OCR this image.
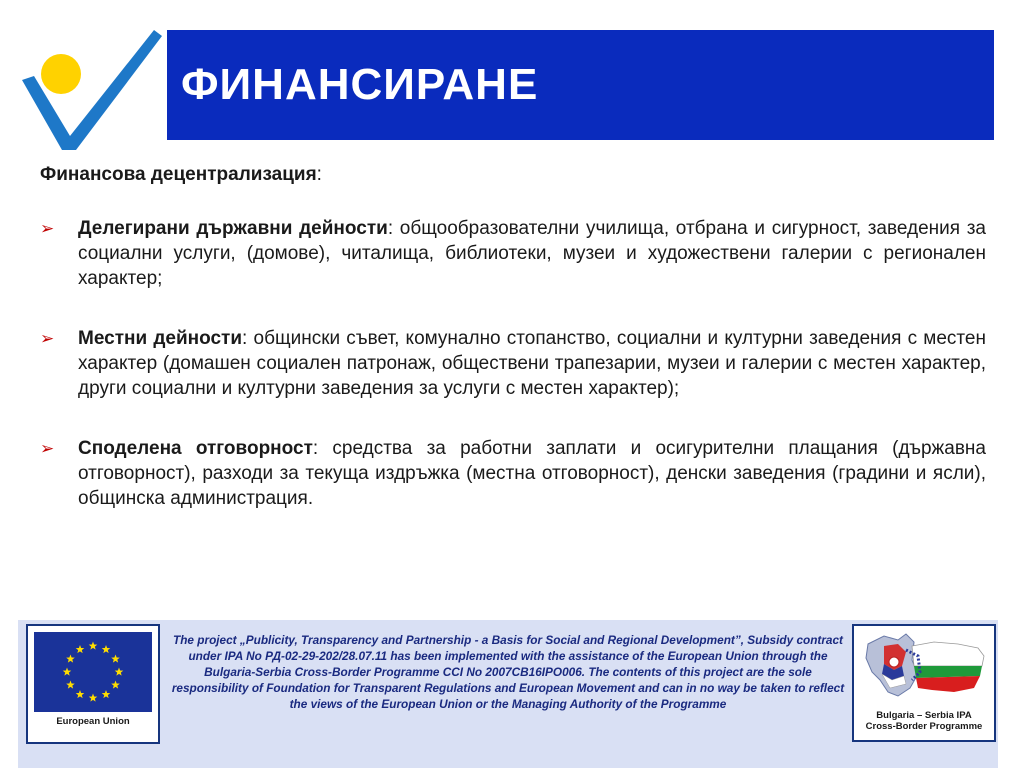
ФИНАНСИРАНЕ

Финансова децентрализация:

➢ Делегирани държавни дейности: общообразователни училища, отбрана и сигурност, заведения за социални услуги, (домове), читалища, библиотеки, музеи и художествени галерии с регионален характер;
➢ Местни дейности: общински съвет, комунално стопанство, социални и културни заведения с местен характер (домашен социален патронаж, обществени трапезарии, музеи и галерии с местен характер, други социални и културни заведения за услуги с местен характер);
➢ Споделена отговорност: средства за работни заплати и осигурителни плащания (държавна отговорност), разходи за текуща издръжка (местна отговорност), денски заведения (градини и ясли), общинска администрация.
European Union
The project „Publicity, Transparency and Partnership - a Basis for Social and Regional Development”, Subsidy contract under IPA No РД-02-29-202/28.07.11 has been implemented with the assistance of the European Union through the Bulgaria-Serbia Cross-Border Programme CCI No 2007CB16IPO006. The contents of this project are the sole responsibility of Foundation for Transparent Regulations and European Movement and can in no way be taken to reflect the views of the European Union or the Managing Authority of the Programme
Bulgaria – Serbia IPA
Cross-Border Programme
